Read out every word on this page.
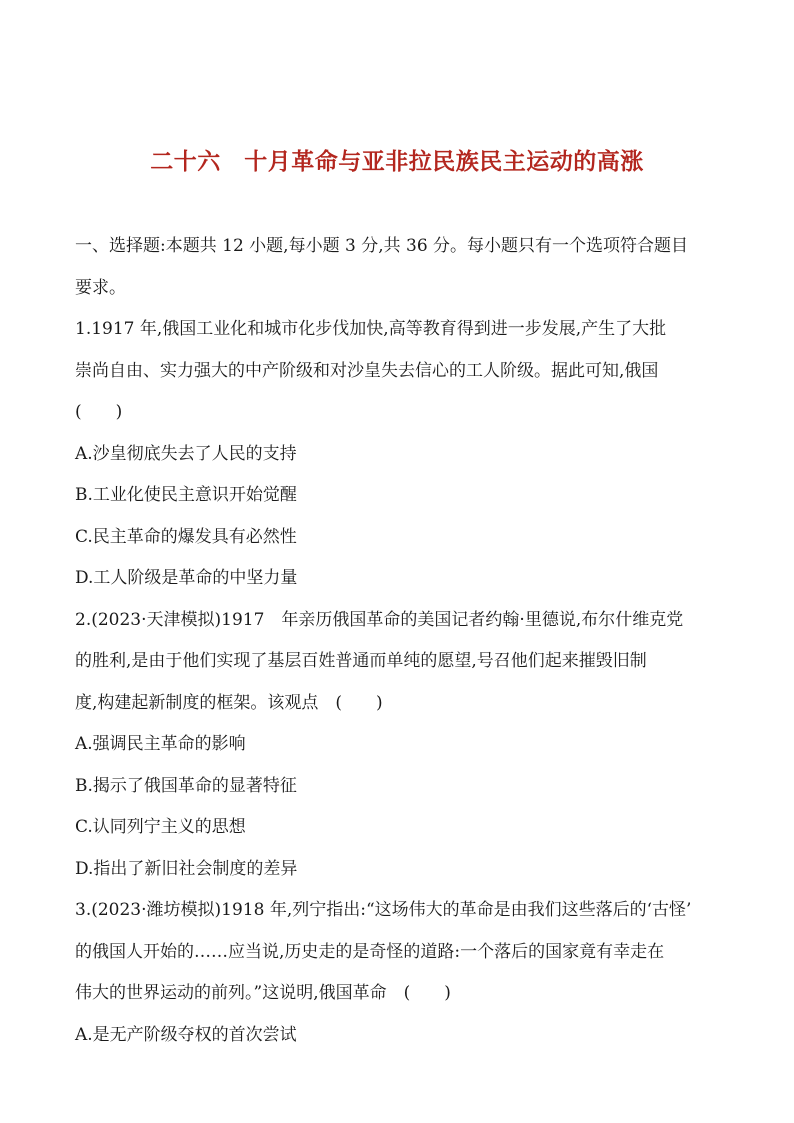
二十六　十月革命与亚非拉民族民主运动的高涨
一、选择题:本题共 12 小题,每小题 3 分,共 36 分。每小题只有一个选项符合题目
要求。
1.1917 年,俄国工业化和城市化步伐加快,高等教育得到进一步发展,产生了大批
崇尚自由、实力强大的中产阶级和对沙皇失去信心的工人阶级。据此可知,俄国
(　　)
A.沙皇彻底失去了人民的支持
B.工业化使民主意识开始觉醒
C.民主革命的爆发具有必然性
D.工人阶级是革命的中坚力量
2.(2023·天津模拟)1917　年亲历俄国革命的美国记者约翰·里德说,布尔什维克党
的胜利,是由于他们实现了基层百姓普通而单纯的愿望,号召他们起来摧毁旧制
度,构建起新制度的框架。该观点　(　　)
A.强调民主革命的影响
B.揭示了俄国革命的显著特征
C.认同列宁主义的思想
D.指出了新旧社会制度的差异
3.(2023·潍坊模拟)1918 年,列宁指出:“这场伟大的革命是由我们这些落后的‘古怪’
的俄国人开始的……应当说,历史走的是奇怪的道路:一个落后的国家竟有幸走在
伟大的世界运动的前列。”这说明,俄国革命　(　　)
A.是无产阶级夺权的首次尝试
